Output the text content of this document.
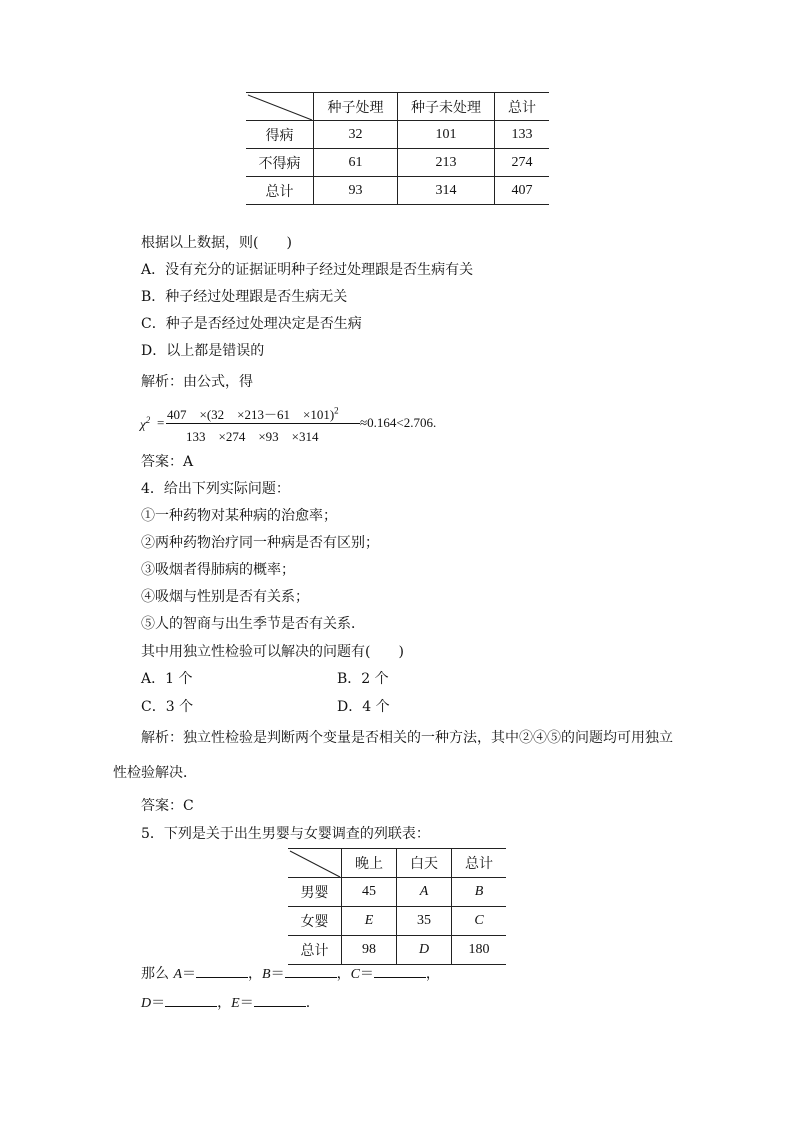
	种子处理	种子未处理	总计
得病	32	101	133
不得病	61	213	274
总计	93	314	407
根据以上数据，则(　　)
A．没有充分的证据证明种子经过处理跟是否生病有关
B．种子经过处理跟是否生病无关
C．种子是否经过处理决定是否生病
D．以上都是错误的
解析：由公式，得
$\chi^2$ =
407　×(32　×213－61　×101)$^2$
133　×274　×93　×314
≈0.164<2.706.
答案：A
4．给出下列实际问题：
①一种药物对某种病的治愈率；
②两种药物治疗同一种病是否有区别；
③吸烟者得肺病的概率；
④吸烟与性别是否有关系；
⑤人的智商与出生季节是否有关系．
其中用独立性检验可以解决的问题有(　　)
A．1 个	B．2 个
C．3 个	D．4 个
解析：独立性检验是判断两个变量是否相关的一种方法，其中②④⑤的问题均可用独立
性检验解决．
答案：C
5．下列是关于出生男婴与女婴调查的列联表：
	晚上	白天	总计
男婴	45	A	B
女婴	E	35	C
总计	98	D	180
那么 A＝	，B＝	，C＝	，
D＝	，E＝	.
